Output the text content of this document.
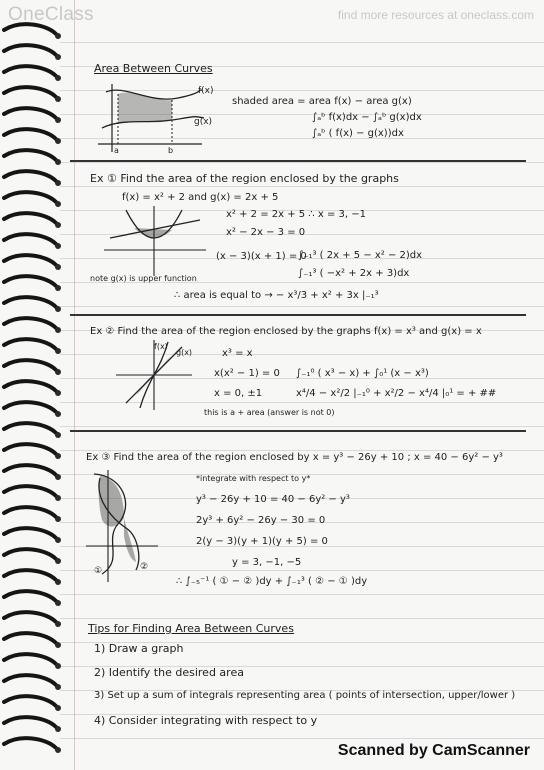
OneClass	find more resources at oneclass.com
Area Between Curves
f(x)
g(x)
a	b
shaded area = area f(x) − area g(x)
∫ₐᵇ f(x)dx − ∫ₐᵇ g(x)dx
∫ₐᵇ ( f(x) − g(x))dx
Ex ① Find the area of the region enclosed by the graphs
f(x) = x² + 2 and g(x) = 2x + 5
x² + 2 = 2x + 5 ∴ x = 3, −1
x² − 2x − 3 = 0
(x − 3)(x + 1) = 0
∫₋₁³ ( 2x + 5 − x² − 2)dx
∫₋₁³ ( −x² + 2x + 3)dx
note g(x) is upper function
∴ area is equal to → − x³/3 + x² + 3x |₋₁³
Ex ② Find the area of the region enclosed by the graphs f(x) = x³ and g(x) = x
f(x)
g(x)	x³ = x
x(x² − 1) = 0
x = 0, ±1
∫₋₁⁰ ( x³ − x) + ∫₀¹ (x − x³)
x⁴/4 − x²/2 |₋₁⁰ + x²/2 − x⁴/4 |₀¹ = + ##
this is a + area (answer is not 0)
Ex ③ Find the area of the region enclosed by x = y³ − 26y + 10 ; x = 40 − 6y² − y³
①	②
*integrate with respect to y*
y³ − 26y + 10 = 40 − 6y² − y³
2y³ + 6y² − 26y − 30 = 0
2(y − 3)(y + 1)(y + 5) = 0
y = 3, −1, −5
∴ ∫₋₅⁻¹ ( ① − ② )dy + ∫₋₁³ ( ② − ① )dy
Tips for Finding Area Between Curves
1) Draw a graph
2) Identify the desired area
3) Set up a sum of integrals representing area ( points of intersection, upper/lower )
4) Consider integrating with respect to y
Scanned by CamScanner
